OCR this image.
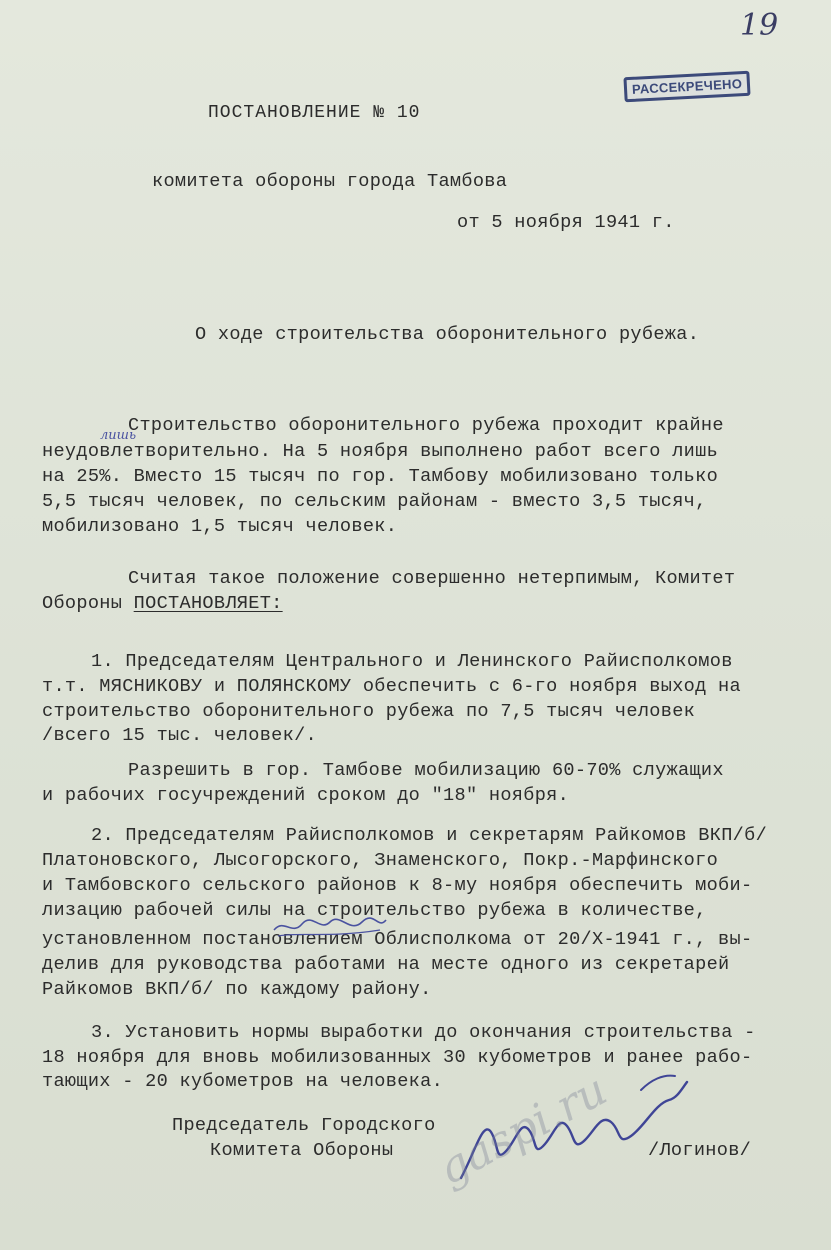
19
РАССЕКРЕЧЕНО
ПОСТАНОВЛЕНИЕ № 10
комитета обороны города Тамбова
от 5 ноября 1941 г.
О ходе строительства оборонительного рубежа.
Строительство оборонительного рубежа проходит крайне
неудовлетворительно. На 5 ноября выполнено работ всего лишь
на 25%. Вместо 15 тысяч по гор. Тамбову мобилизовано только
5,5 тысяч человек, по сельским районам - вместо 3,5 тысяч,
мобилизовано 1,5 тысяч человек.
лишь
Считая такое положение совершенно нетерпимым, Комитет
Обороны ПОСТАНОВЛЯЕТ:
1. Председателям Центрального и Ленинского Райисполкомов
т.т. МЯСНИКОВУ и ПОЛЯНСКОМУ обеспечить с 6-го ноября выход на
строительство оборонительного рубежа по 7,5 тысяч человек
/всего 15 тыс. человек/.
Разрешить в гор. Тамбове мобилизацию 60-70% служащих
и рабочих госучреждений сроком до "18" ноября.
2. Председателям Райисполкомов и секретарям Райкомов ВКП/б/
Платоновского, Лысогорского, Знаменского, Покр.-Марфинского
и Тамбовского сельского районов к 8-му ноября обеспечить моби-
лизацию рабочей силы на строительство рубежа в количестве,
установленном постановлением Облисполкома от 20/Х-1941 г., вы-
делив для руководства работами на месте одного из секретарей
Райкомов ВКП/б/ по каждому району.
3. Установить нормы выработки до окончания строительства -
18 ноября для вновь мобилизованных 30 кубометров и ранее рабо-
тающих - 20 кубометров на человека.
Председатель Городского
Комитета Обороны	/Логинов/
gaspi.ru
